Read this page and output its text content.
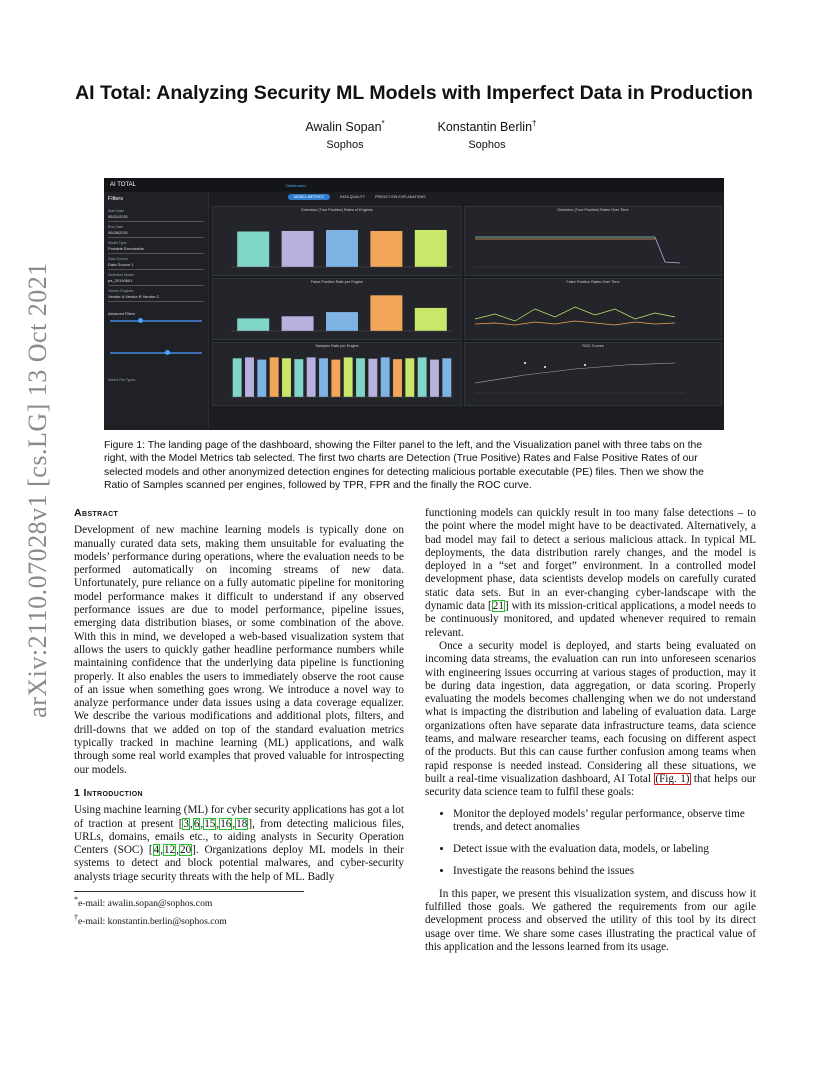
arXiv:2110.07028v1 [cs.LG] 13 Oct 2021
AI Total: Analyzing Security ML Models with Imperfect Data in Production
Awalin Sopan*
Sophos
Konstantin Berlin†
Sophos
AI TOTAL	Dashboard
Filters
Start Date
05/31/2021
End Date
06/28/2021
Model Type
Portable Executable
Data Source
Data Source 1
Detection Model
pe_20190601
Vendor Engines
Vendor A Vendor B Vendor C
Advanced Filters
Select File Types
MODEL METRICS	DATA QUALITY	PREDICTION EXPLANATIONS
Detection (True Positive) Rates of Engines	Detection (True Positive) Rates Over Time
False Positive Rate per Engine	False Positive Rates Over Time
Samples Rate per Engine	ROC Curves

Figure 1: The landing page of the dashboard, showing the Filter panel to the left, and the Visualization panel with three tabs on the right, with the Model Metrics tab selected. The first two charts are Detection (True Positive) Rates and False Positive Rates of our selected models and other anonymized detection engines for detecting malicious portable executable (PE) files. Then we show the Ratio of Samples scanned per engines, followed by TPR, FPR and the finally the ROC curve.

Abstract

Development of new machine learning models is typically done on manually curated data sets, making them unsuitable for evaluating the models’ performance during operations, where the evaluation needs to be performed automatically on incoming streams of new data. Unfortunately, pure reliance on a fully automatic pipeline for monitoring model performance makes it difficult to understand if any observed performance issues are due to model performance, pipeline issues, emerging data distribution biases, or some combination of the above. With this in mind, we developed a web-based visualization system that allows the users to quickly gather headline performance numbers while maintaining confidence that the underlying data pipeline is functioning properly. It also enables the users to immediately observe the root cause of an issue when something goes wrong. We introduce a novel way to analyze performance under data issues using a data coverage equalizer. We describe the various modifications and additional plots, filters, and drill-downs that we added on top of the standard evaluation metrics typically tracked in machine learning (ML) applications, and walk through some real world examples that proved valuable for introspecting our models.

1 Introduction

Using machine learning (ML) for cyber security applications has got a lot of traction at present [3,6,15,16,18], from detecting malicious files, URLs, domains, emails etc., to aiding analysts in Security Operation Centers (SOC) [4,12,20]. Organizations deploy ML models in their systems to detect and block potential malwares, and cyber-security analysts triage security threats with the help of ML. Badly

*e-mail: awalin.sopan@sophos.com
†e-mail: konstantin.berlin@sophos.com

functioning models can quickly result in too many false detections – to the point where the model might have to be deactivated. Alternatively, a bad model may fail to detect a serious malicious attack. In typical ML deployments, the data distribution rarely changes, and the model is deployed in a “set and forget” environment. In a controlled model development phase, data scientists develop models on carefully curated static data sets. But in an ever-changing cyber-landscape with the dynamic data [21] with its mission-critical applications, a model needs to be continuously monitored, and updated whenever required to remain relevant.

Once a security model is deployed, and starts being evaluated on incoming data streams, the evaluation can run into unforeseen scenarios with engineering issues occurring at various stages of production, may it be during data ingestion, data aggregation, or data scoring. Properly evaluating the models becomes challenging when we do not understand what is impacting the distribution and labeling of evaluation data. Large organizations often have separate data infrastructure teams, data science teams, and malware researcher teams, each focusing on different aspect of the products. But this can cause further confusion among teams when rapid response is needed instead. Considering all these situations, we built a real-time visualization dashboard, AI Total (Fig. 1) that helps our security data science team to fulfil these goals:

• Monitor the deployed models’ regular performance, observe time trends, and detect anomalies
• Detect issue with the evaluation data, models, or labeling
• Investigate the reasons behind the issues

In this paper, we present this visualization system, and discuss how it fulfilled those goals. We gathered the requirements from our agile development process and observed the utility of this tool by its direct usage over time. We share some cases illustrating the practical value of this application and the lessons learned from its usage.
